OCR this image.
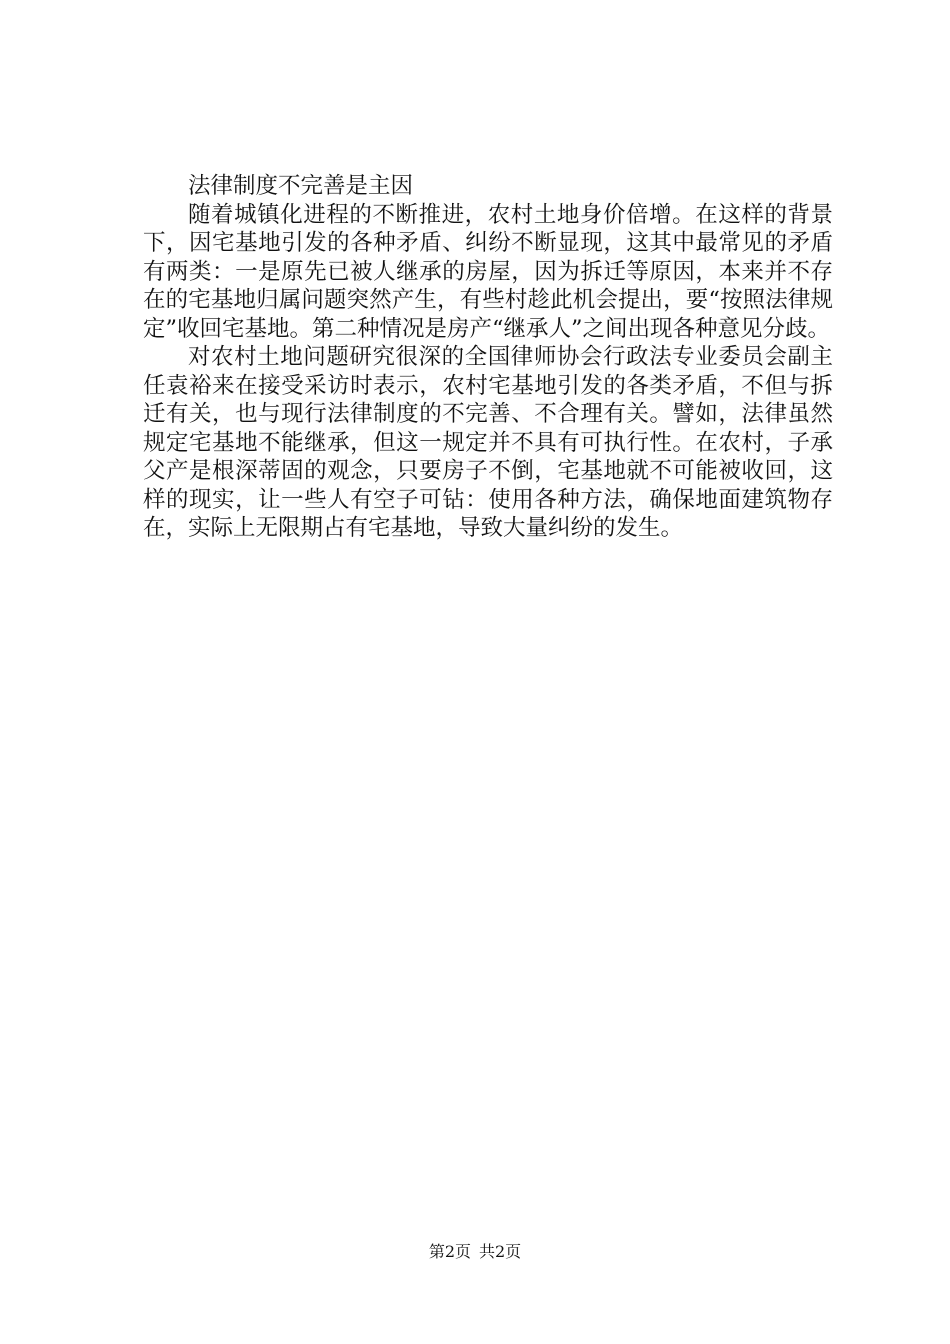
法律制度不完善是主因

随着城镇化进程的不断推进，农村土地身价倍增。在这样的背景下，因宅基地引发的各种矛盾、纠纷不断显现，这其中最常见的矛盾有两类：一是原先已被人继承的房屋，因为拆迁等原因，本来并不存在的宅基地归属问题突然产生，有些村趁此机会提出，要“按照法律规定”收回宅基地。第二种情况是房产“继承人”之间出现各种意见分歧。

对农村土地问题研究很深的全国律师协会行政法专业委员会副主任袁裕来在接受采访时表示，农村宅基地引发的各类矛盾，不但与拆迁有关，也与现行法律制度的不完善、不合理有关。譬如，法律虽然规定宅基地不能继承，但这一规定并不具有可执行性。在农村，子承父产是根深蒂固的观念，只要房子不倒，宅基地就不可能被收回，这样的现实，让一些人有空子可钻：使用各种方法，确保地面建筑物存在，实际上无限期占有宅基地，导致大量纠纷的发生。

第2页 共2页
